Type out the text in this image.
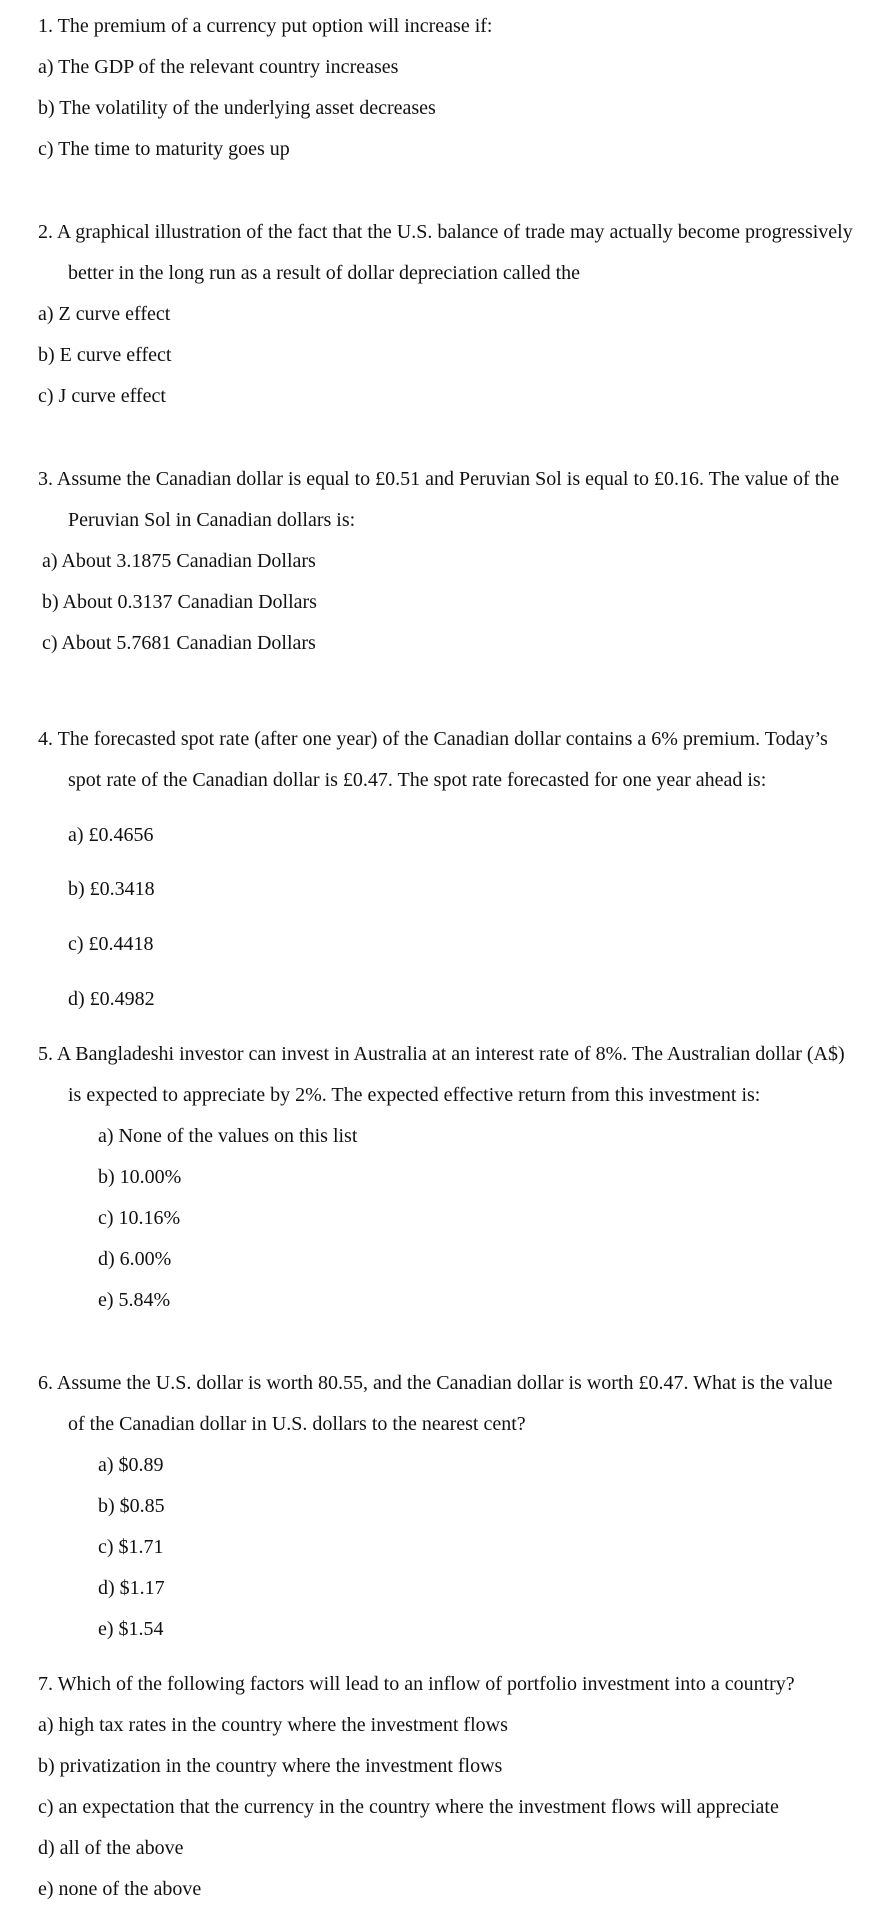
1. The premium of a currency put option will increase if:
a) The GDP of the relevant country increases
b) The volatility of the underlying asset decreases
c) The time to maturity goes up
2. A graphical illustration of the fact that the U.S. balance of trade may actually become progressively
better in the long run as a result of dollar depreciation called the
a) Z curve effect
b) E curve effect
c) J curve effect
3. Assume the Canadian dollar is equal to £0.51 and Peruvian Sol is equal to £0.16. The value of the
Peruvian Sol in Canadian dollars is:
a) About 3.1875 Canadian Dollars
b) About 0.3137 Canadian Dollars
c) About 5.7681 Canadian Dollars
4. The forecasted spot rate (after one year) of the Canadian dollar contains a 6% premium. Today’s
spot rate of the Canadian dollar is £0.47. The spot rate forecasted for one year ahead is:
a) £0.4656
b) £0.3418
c) £0.4418
d) £0.4982
5. A Bangladeshi investor can invest in Australia at an interest rate of 8%. The Australian dollar (A$)
is expected to appreciate by 2%. The expected effective return from this investment is:
a) None of the values on this list
b) 10.00%
c) 10.16%
d) 6.00%
e) 5.84%
6. Assume the U.S. dollar is worth 80.55, and the Canadian dollar is worth £0.47. What is the value
of the Canadian dollar in U.S. dollars to the nearest cent?
a) $0.89
b) $0.85
c) $1.71
d) $1.17
e) $1.54
7. Which of the following factors will lead to an inflow of portfolio investment into a country?
a) high tax rates in the country where the investment flows
b) privatization in the country where the investment flows
c) an expectation that the currency in the country where the investment flows will appreciate
d) all of the above
e) none of the above
